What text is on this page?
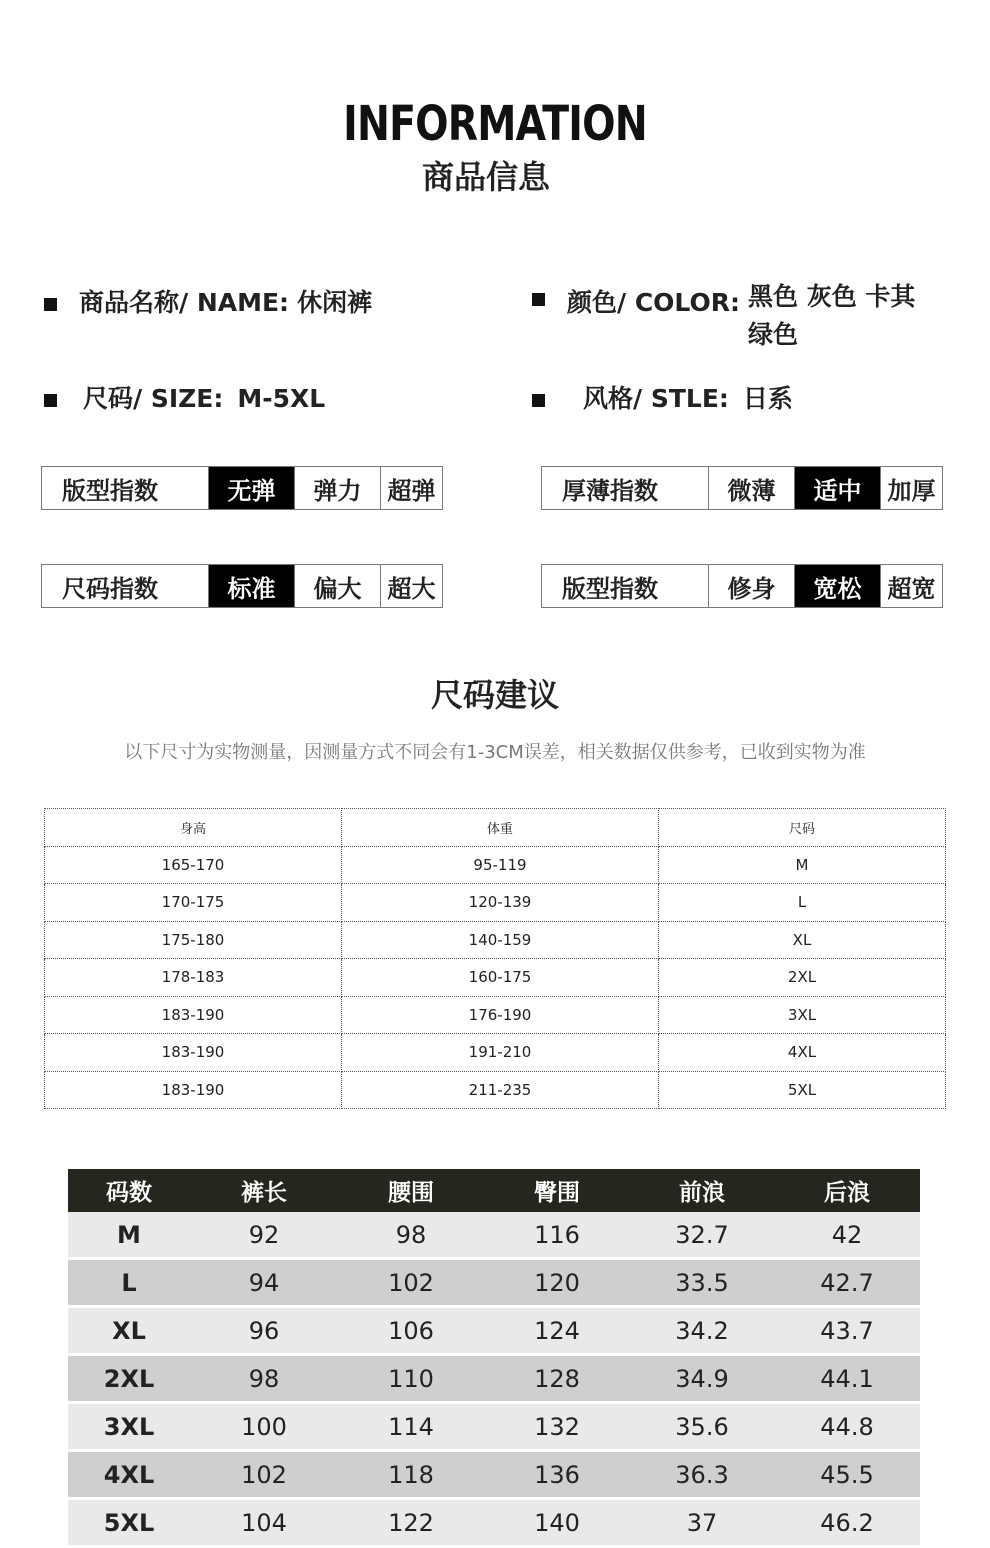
INFORMATION
商品信息
商品名称/ NAME: 休闲裤	颜色/ COLOR: 黑色 灰色 卡其 绿色
尺码/ SIZE: M-5XL	风格/ STLE: 日系
版型指数	无弹	弹力	超弹	厚薄指数	微薄	适中	加厚
尺码指数	标准	偏大	超大	版型指数	修身	宽松	超宽
尺码建议
以下尺寸为实物测量，因测量方式不同会有1-3CM误差，相关数据仅供参考，已收到实物为准
身高	体重	尺码
165-170	95-119	M
170-175	120-139	L
175-180	140-159	XL
178-183	160-175	2XL
183-190	176-190	3XL
183-190	191-210	4XL
183-190	211-235	5XL
码数	裤长	腰围	臀围	前浪	后浪
M	92	98	116	32.7	42
L	94	102	120	33.5	42.7
XL	96	106	124	34.2	43.7
2XL	98	110	128	34.9	44.1
3XL	100	114	132	35.6	44.8
4XL	102	118	136	36.3	45.5
5XL	104	122	140	37	46.2
